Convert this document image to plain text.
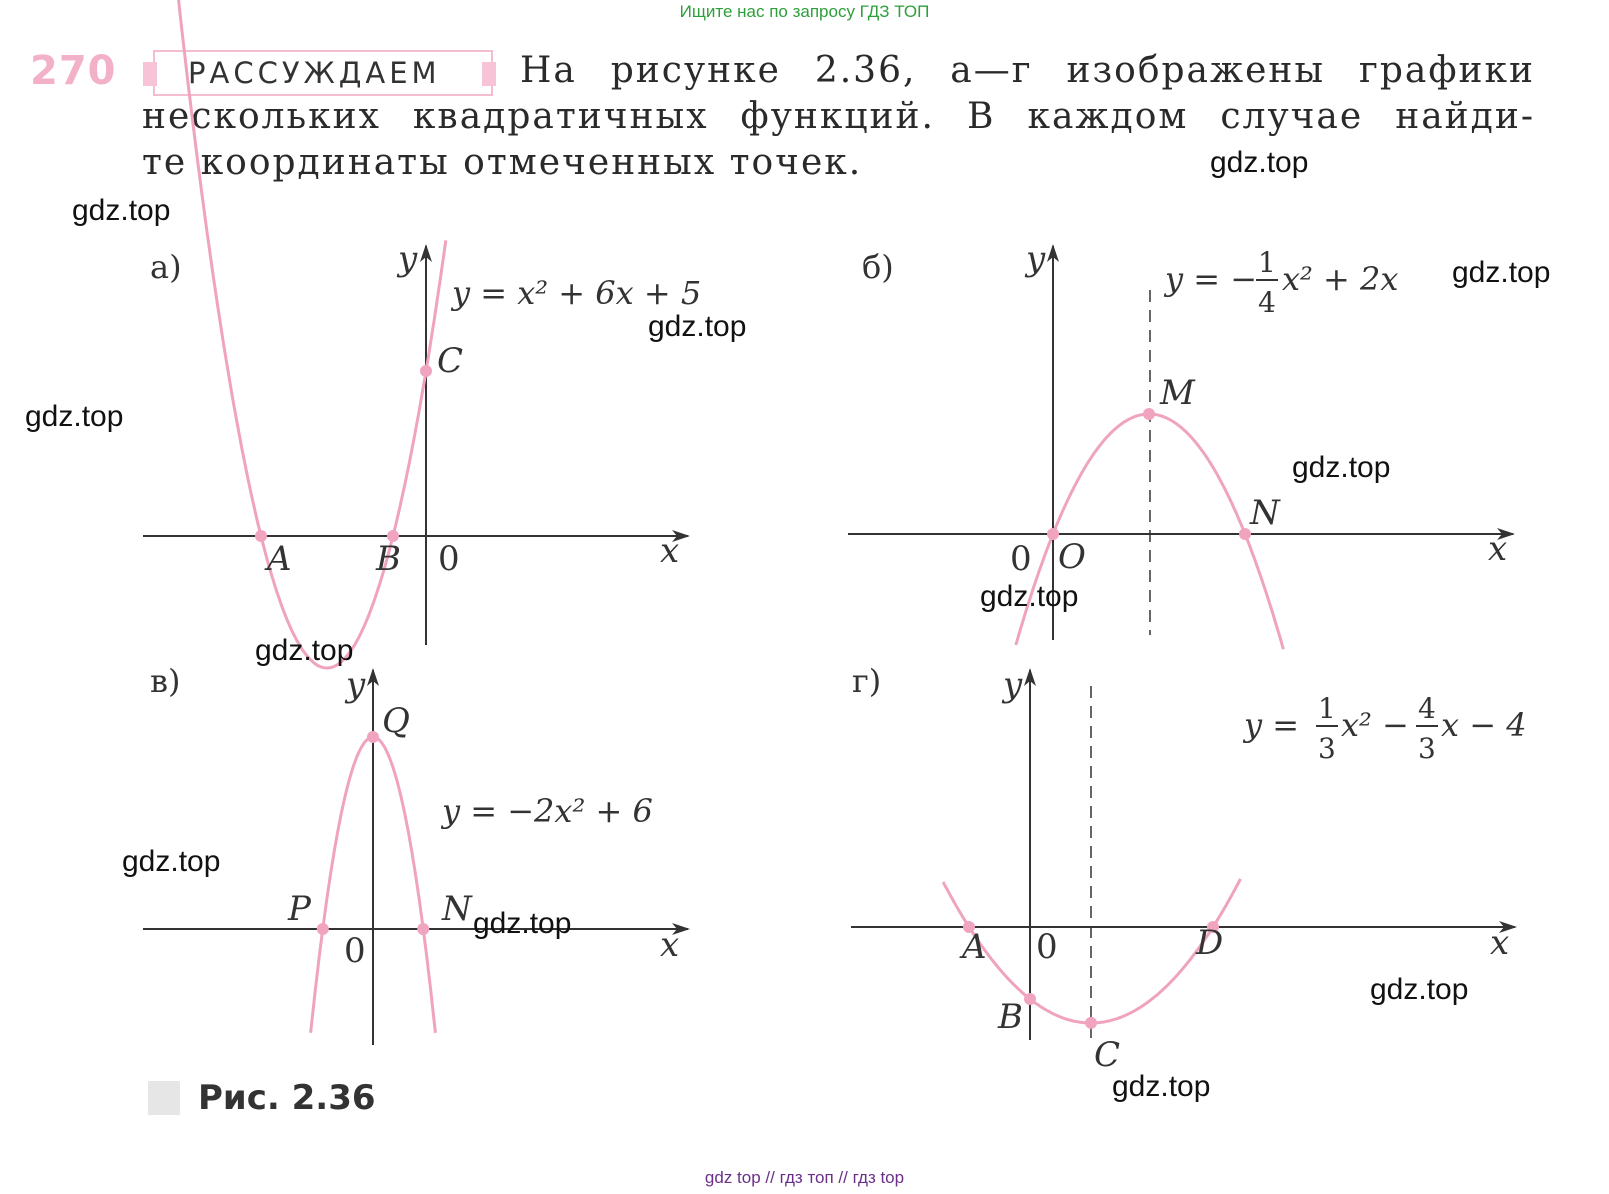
Ищите нас по запросу ГДЗ ТОП
270 РАССУЖДАЕМ На рисунке 2.36, а—г изображены графики
нескольких квадратичных функций. В каждом случае найди-
те координаты отмеченных точек.
а)
x
y
0
y = x² + 6x + 5
A B
C
б)
x
y
0
y = − 1
4
x² + 2x
O
M
N
в)
x
y
0
y = −2x² + 6
P
Q
N
г)
x
y
0
y = 1
3
x² − 4
3
x − 4
A
B
C
D
gdz.top
gdz.top
gdz.top
gdz.top
gdz.top
gdz.top
gdz.top
gdz.top
gdz.top
gdz.top
gdz.top
gdz.top
Рис. 2.36
gdz top // гдз топ // гдз top
